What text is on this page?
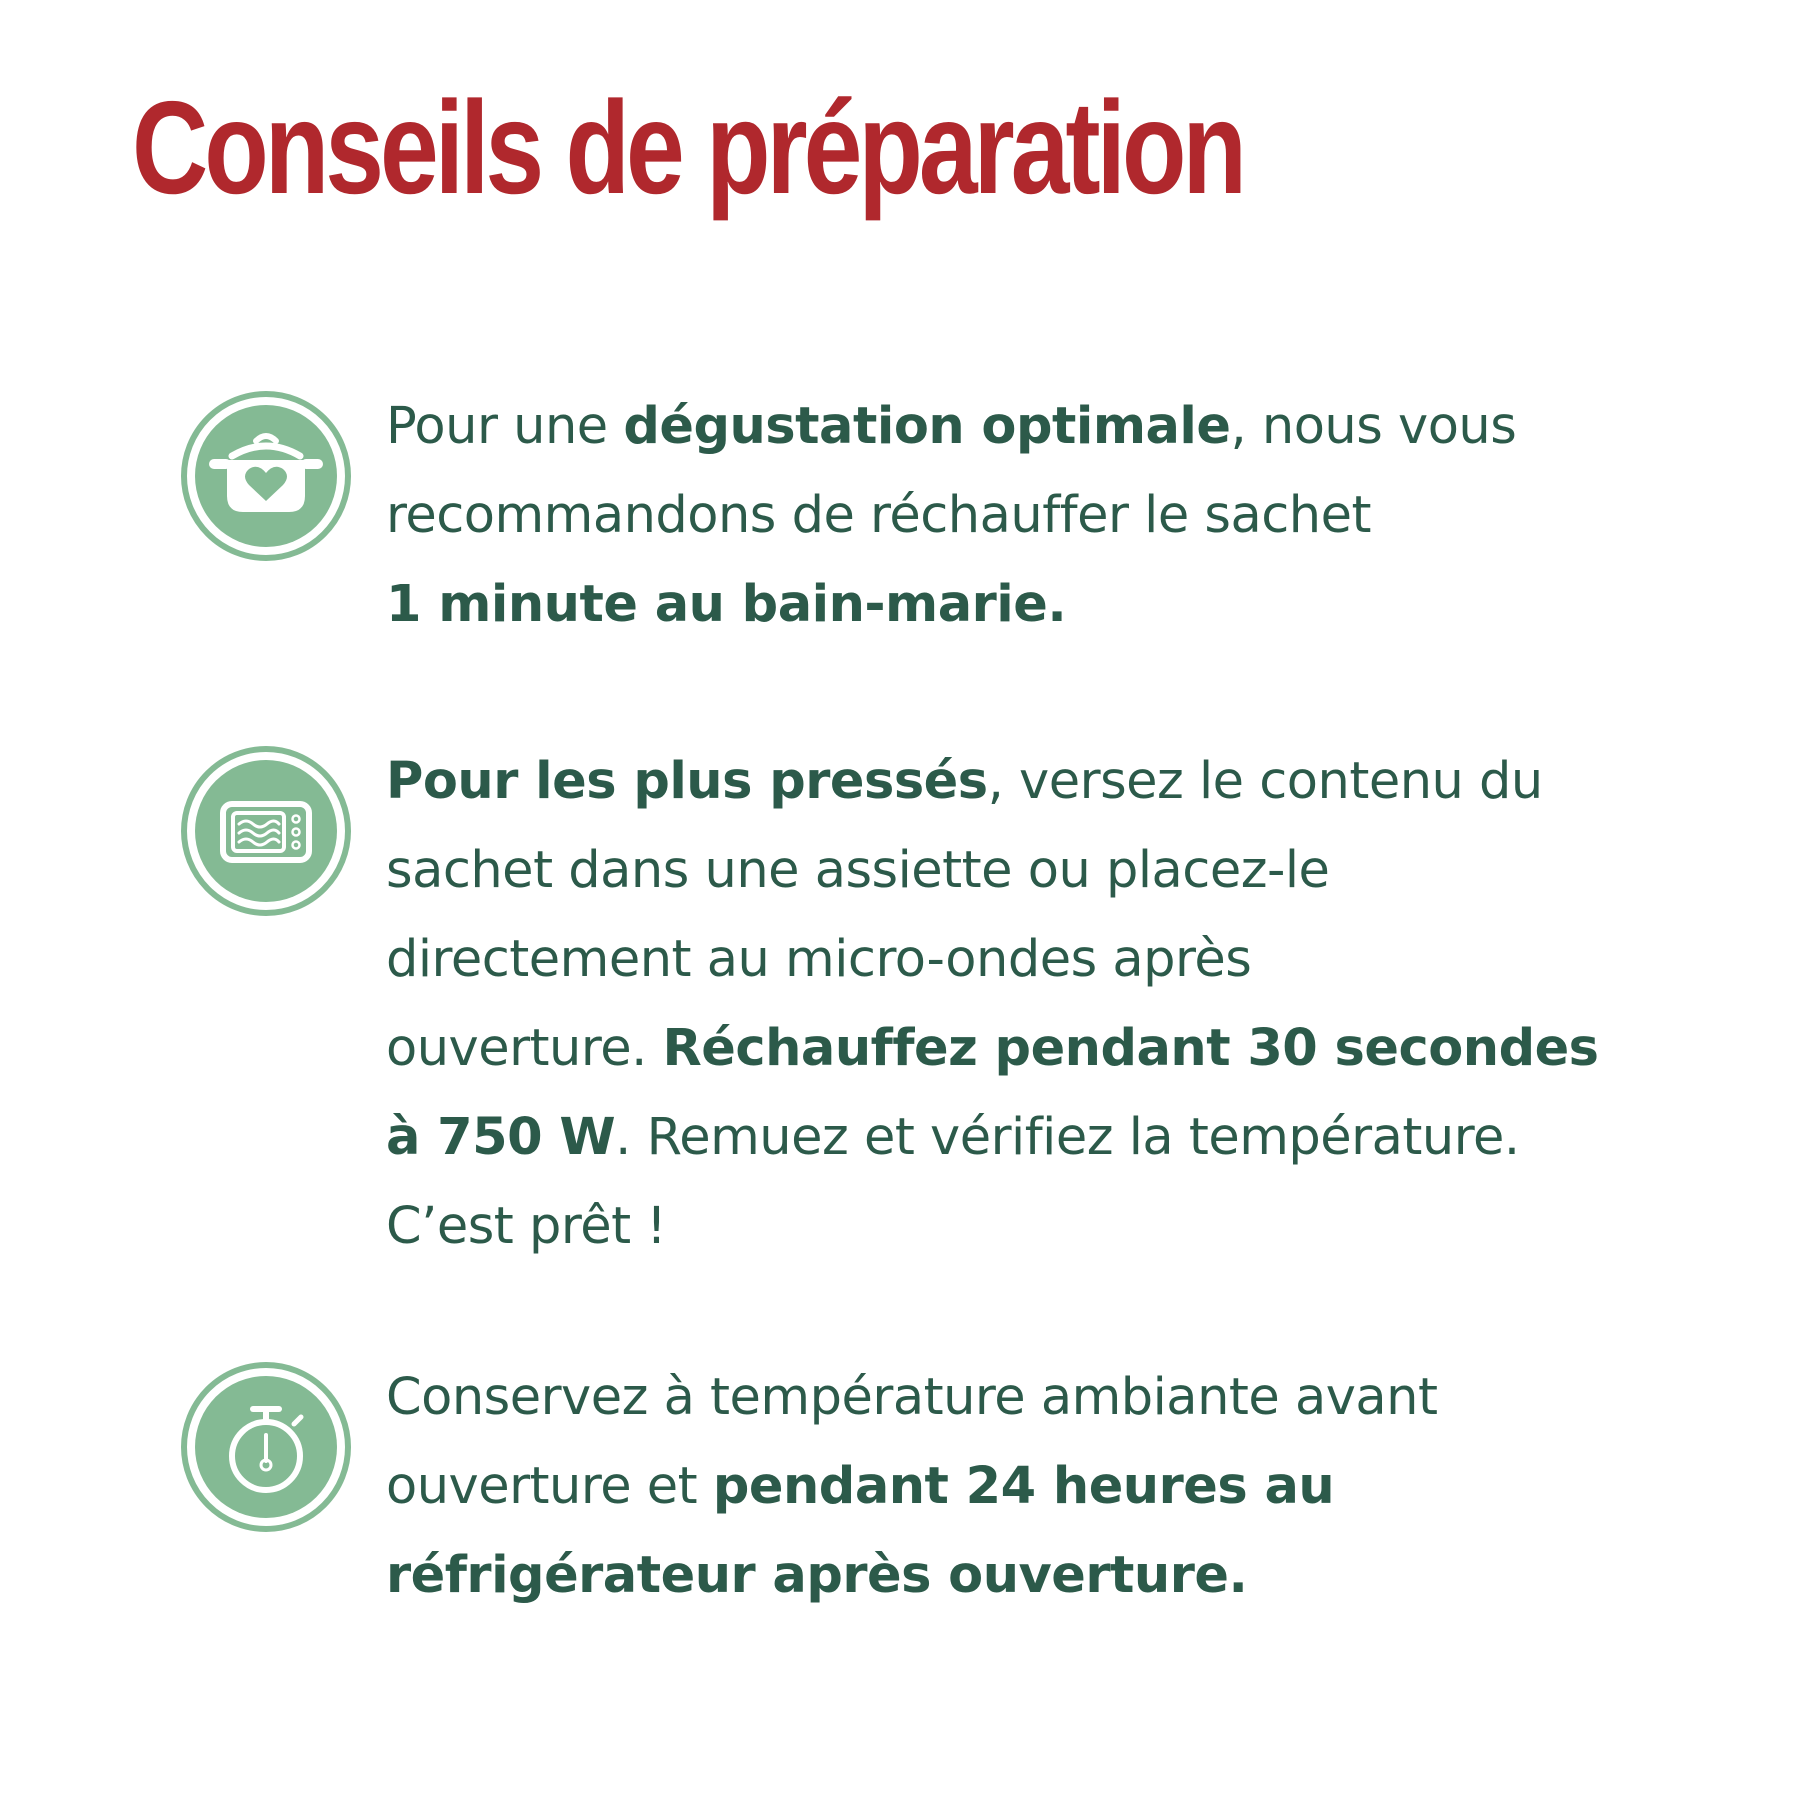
Conseils de préparation

Pour une dégustation optimale, nous vous
recommandons de réchauffer le sachet
1 minute au bain-marie.

Pour les plus pressés, versez le contenu du
sachet dans une assiette ou placez-le
directement au micro-ondes après
ouverture. Réchauffez pendant 30 secondes
à 750 W. Remuez et vérifiez la température.
C’est prêt !

Conservez à température ambiante avant
ouverture et pendant 24 heures au
réfrigérateur après ouverture.
